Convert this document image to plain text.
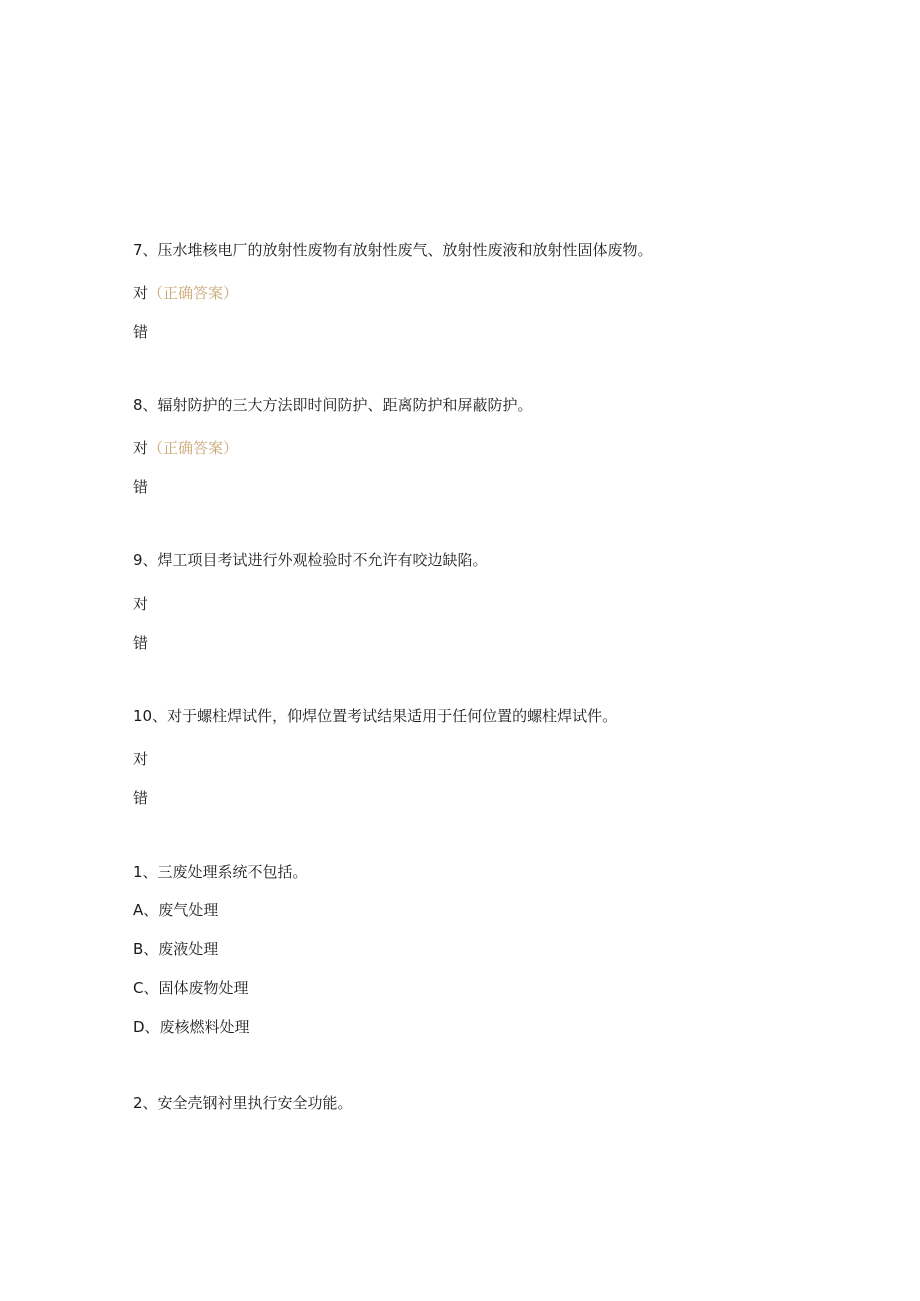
7、压水堆核电厂的放射性废物有放射性废气、放射性废液和放射性固体废物。
对（正确答案）
错
8、辐射防护的三大方法即时间防护、距离防护和屏蔽防护。
对（正确答案）
错
9、焊工项目考试进行外观检验时不允许有咬边缺陷。
对
错
10、对于螺柱焊试件，仰焊位置考试结果适用于任何位置的螺柱焊试件。
对
错
1、三废处理系统不包括。
A、废气处理
B、废液处理
C、固体废物处理
D、废核燃料处理
2、安全壳钢衬里执行安全功能。
